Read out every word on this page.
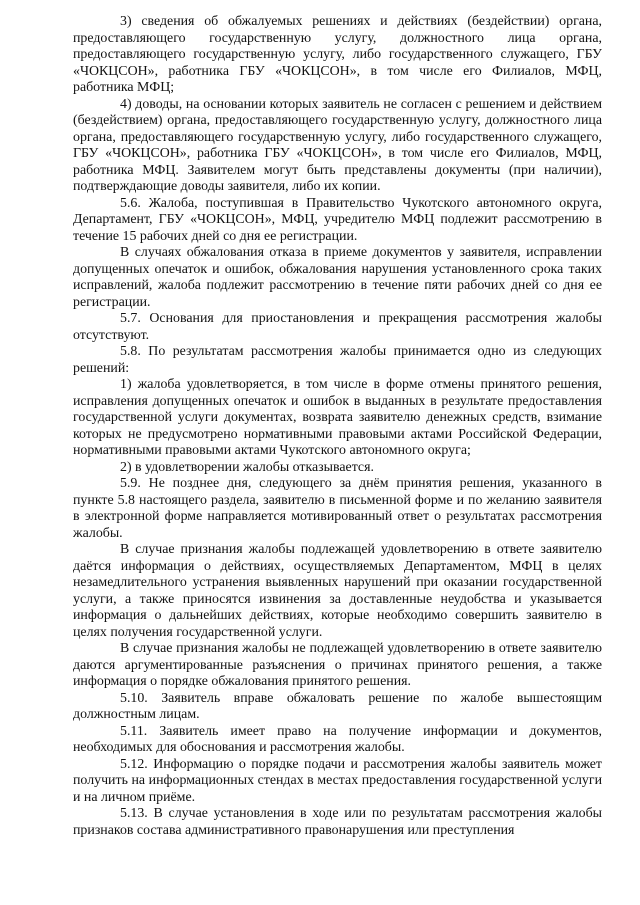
3) сведения об обжалуемых решениях и действиях (бездействии) органа, предоставляющего государственную услугу, должностного лица органа, предоставляющего государственную услугу, либо государственного служащего, ГБУ «ЧОКЦСОН», работника ГБУ «ЧОКЦСОН», в том числе его Филиалов, МФЦ, работника МФЦ;

4) доводы, на основании которых заявитель не согласен с решением и действием (бездействием) органа, предоставляющего государственную услугу, должностного лица органа, предоставляющего государственную услугу, либо государственного служащего, ГБУ «ЧОКЦСОН», работника ГБУ «ЧОКЦСОН», в том числе его Филиалов, МФЦ, работника МФЦ. Заявителем могут быть представлены документы (при наличии), подтверждающие доводы заявителя, либо их копии.

5.6. Жалоба, поступившая в Правительство Чукотского автономного округа, Департамент, ГБУ «ЧОКЦСОН», МФЦ, учредителю МФЦ подлежит рассмотрению в течение 15 рабочих дней со дня ее регистрации.

В случаях обжалования отказа в приеме документов у заявителя, исправлении допущенных опечаток и ошибок, обжалования нарушения установленного срока таких исправлений, жалоба подлежит рассмотрению в течение пяти рабочих дней со дня ее регистрации.

5.7. Основания для приостановления и прекращения рассмотрения жалобы отсутствуют.

5.8. По результатам рассмотрения жалобы принимается одно из следующих решений:

1) жалоба удовлетворяется, в том числе в форме отмены принятого решения, исправления допущенных опечаток и ошибок в выданных в результате предоставления государственной услуги документах, возврата заявителю денежных средств, взимание которых не предусмотрено нормативными правовыми актами Российской Федерации, нормативными правовыми актами Чукотского автономного округа;

2) в удовлетворении жалобы отказывается.

5.9. Не позднее дня, следующего за днём принятия решения, указанного в пункте 5.8 настоящего раздела, заявителю в письменной форме и по желанию заявителя в электронной форме направляется мотивированный ответ о результатах рассмотрения жалобы.

В случае признания жалобы подлежащей удовлетворению в ответе заявителю даётся информация о действиях, осуществляемых Департаментом, МФЦ в целях незамедлительного устранения выявленных нарушений при оказании государственной услуги, а также приносятся извинения за доставленные неудобства и указывается информация о дальнейших действиях, которые необходимо совершить заявителю в целях получения государственной услуги.

В случае признания жалобы не подлежащей удовлетворению в ответе заявителю даются аргументированные разъяснения о причинах принятого решения, а также информация о порядке обжалования принятого решения.

5.10. Заявитель вправе обжаловать решение по жалобе вышестоящим должностным лицам.

5.11. Заявитель имеет право на получение информации и документов, необходимых для обоснования и рассмотрения жалобы.

5.12. Информацию о порядке подачи и рассмотрения жалобы заявитель может получить на информационных стендах в местах предоставления государственной услуги и на личном приёме.

5.13. В случае установления в ходе или по результатам рассмотрения жалобы признаков состава административного правонарушения или преступления
